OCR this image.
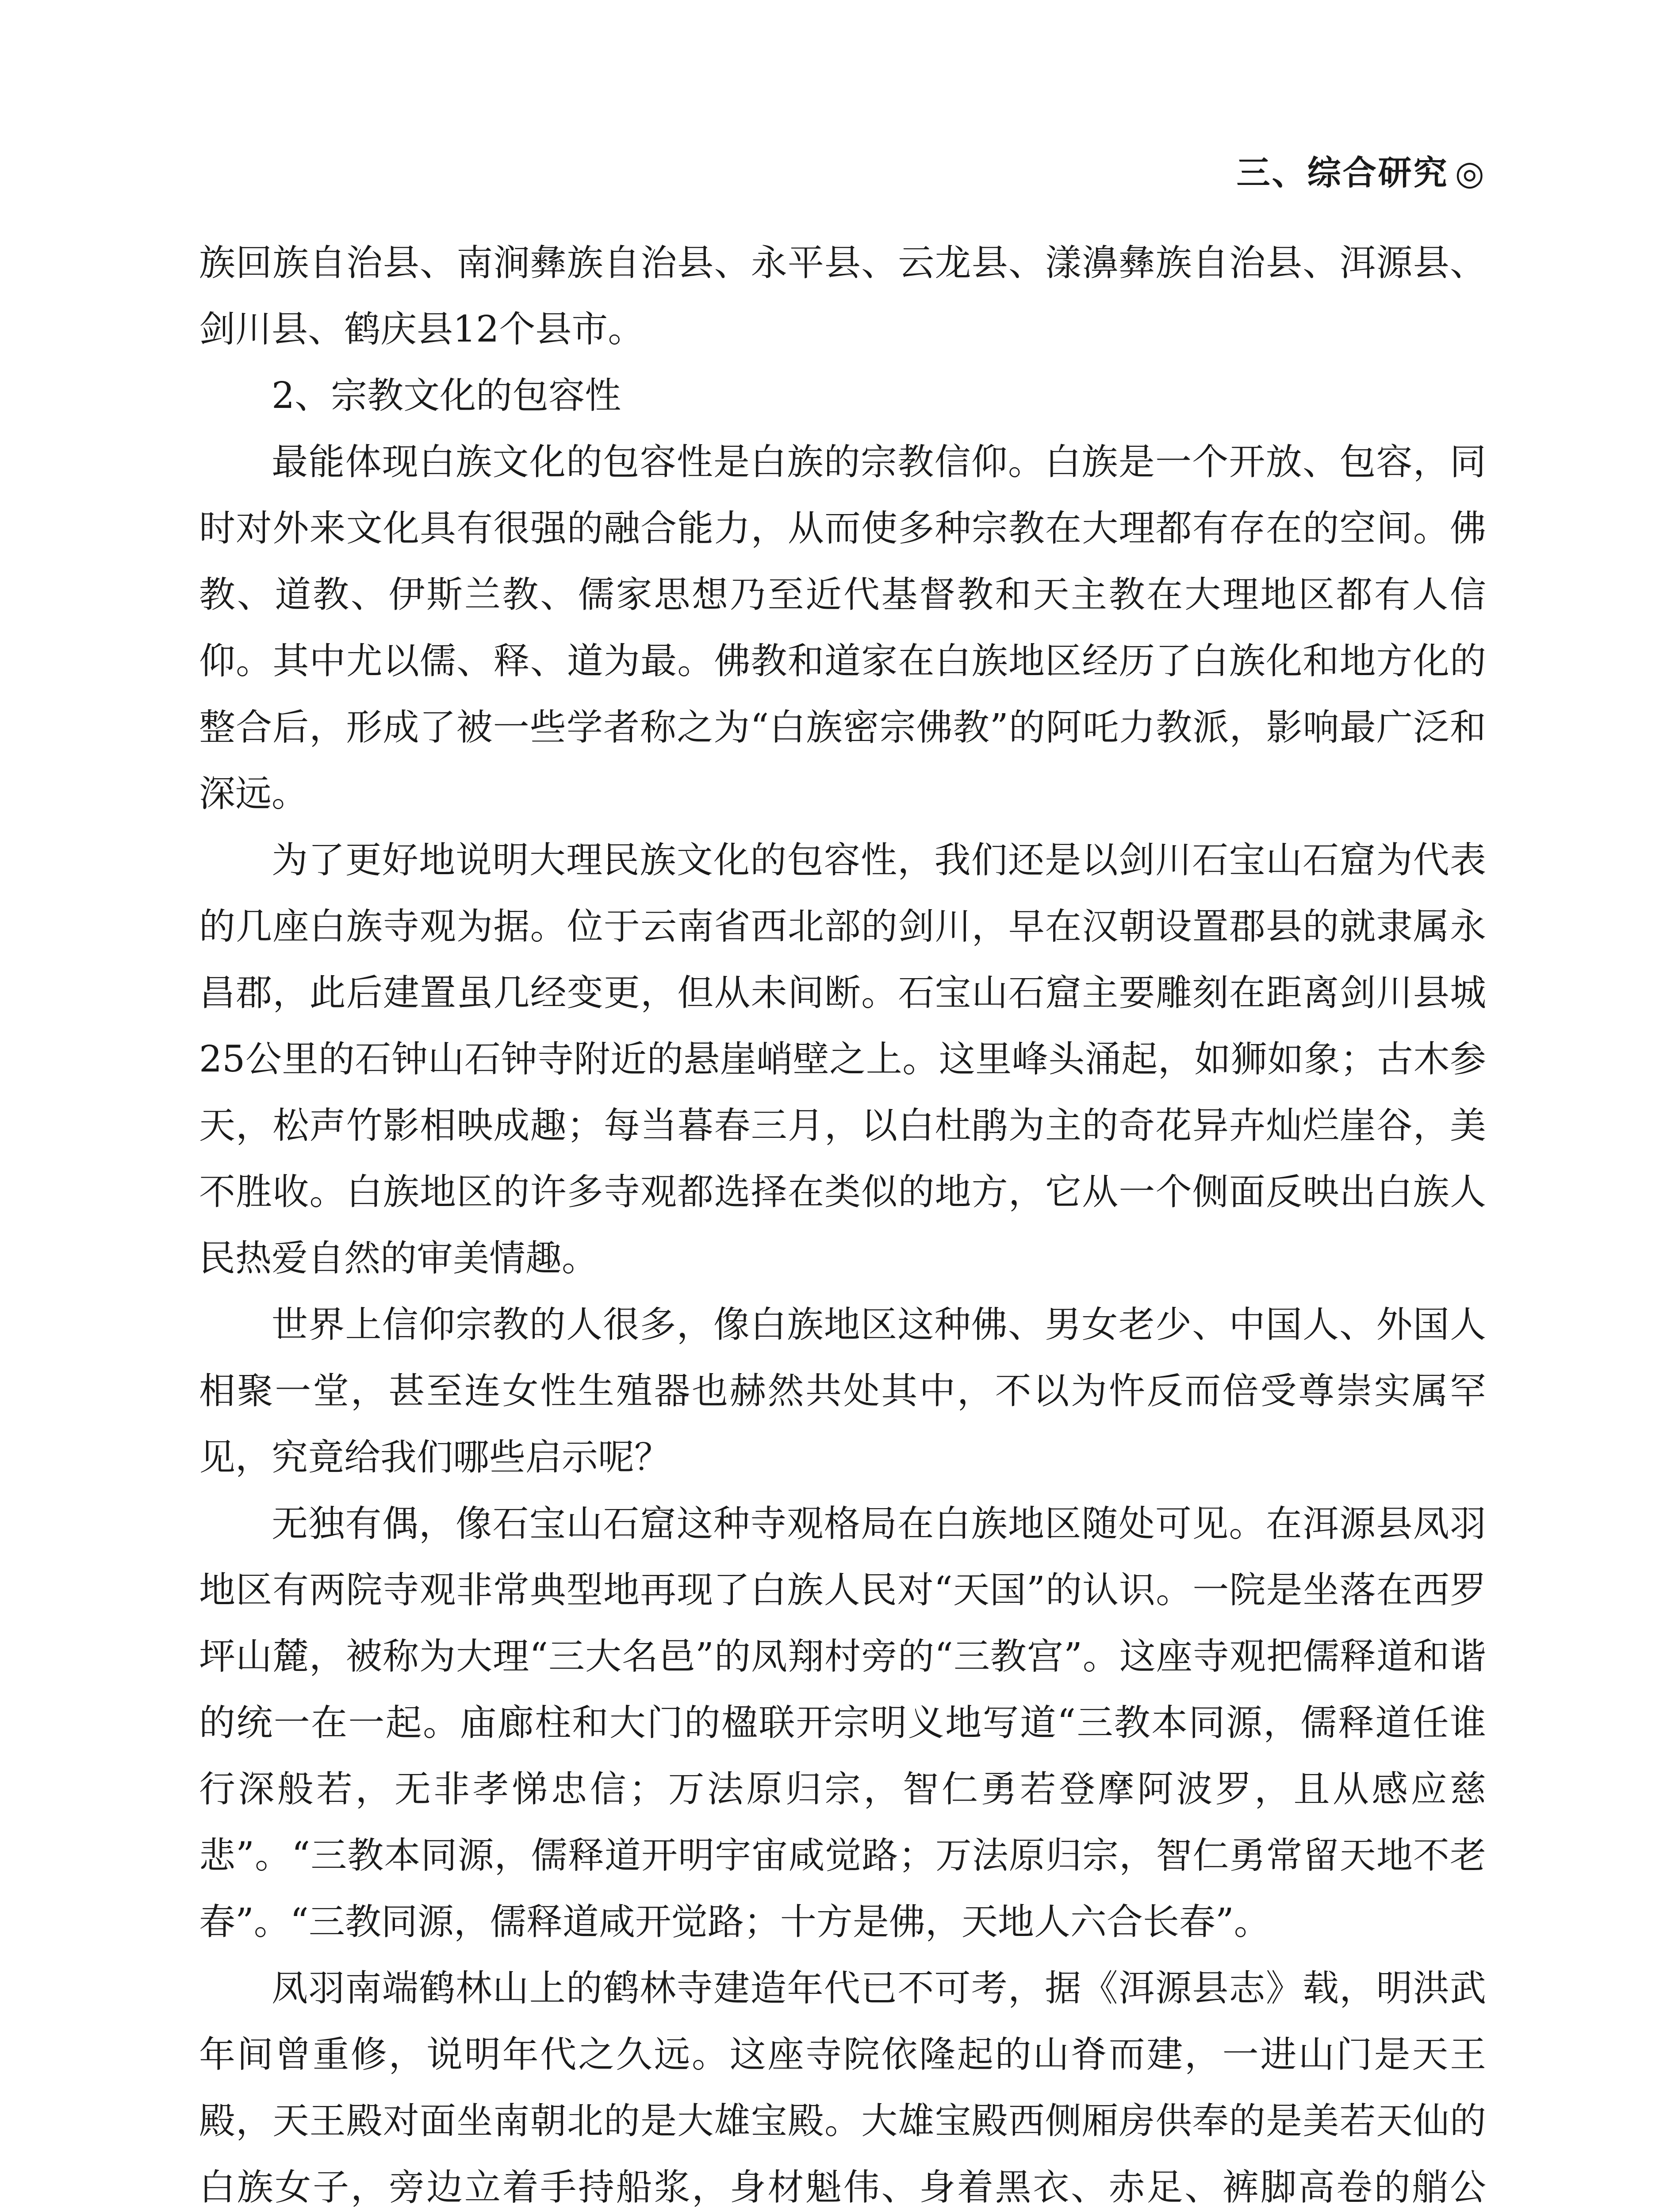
三、综合研究 ◎

族回族自治县、南涧彝族自治县、永平县、云龙县、漾濞彝族自治县、洱源县、剑川县、鹤庆县12个县市。

2、宗教文化的包容性

最能体现白族文化的包容性是白族的宗教信仰。白族是一个开放、包容，同时对外来文化具有很强的融合能力，从而使多种宗教在大理都有存在的空间。佛教、道教、伊斯兰教、儒家思想乃至近代基督教和天主教在大理地区都有人信仰。其中尤以儒、释、道为最。佛教和道家在白族地区经历了白族化和地方化的整合后，形成了被一些学者称之为“白族密宗佛教”的阿吒力教派，影响最广泛和深远。

为了更好地说明大理民族文化的包容性，我们还是以剑川石宝山石窟为代表的几座白族寺观为据。位于云南省西北部的剑川，早在汉朝设置郡县的就隶属永昌郡，此后建置虽几经变更，但从未间断。石宝山石窟主要雕刻在距离剑川县城25公里的石钟山石钟寺附近的悬崖峭壁之上。这里峰头涌起，如狮如象；古木参天，松声竹影相映成趣；每当暮春三月，以白杜鹃为主的奇花异卉灿烂崖谷，美不胜收。白族地区的许多寺观都选择在类似的地方，它从一个侧面反映出白族人民热爱自然的审美情趣。

世界上信仰宗教的人很多，像白族地区这种佛、男女老少、中国人、外国人相聚一堂，甚至连女性生殖器也赫然共处其中，不以为忤反而倍受尊崇实属罕见，究竟给我们哪些启示呢？

无独有偶，像石宝山石窟这种寺观格局在白族地区随处可见。在洱源县凤羽地区有两院寺观非常典型地再现了白族人民对“天国”的认识。一院是坐落在西罗坪山麓，被称为大理“三大名邑”的凤翔村旁的“三教宫”。这座寺观把儒释道和谐的统一在一起。庙廊柱和大门的楹联开宗明义地写道“三教本同源，儒释道任谁行深般若，无非孝悌忠信；万法原归宗，智仁勇若登摩阿波罗，且从感应慈悲”。“三教本同源，儒释道开明宇宙咸觉路；万法原归宗，智仁勇常留天地不老春”。“三教同源，儒释道咸开觉路；十方是佛，天地人六合长春”。

凤羽南端鹤林山上的鹤林寺建造年代已不可考，据《洱源县志》载，明洪武年间曾重修，说明年代之久远。这座寺院依隆起的山脊而建，一进山门是天王殿，天王殿对面坐南朝北的是大雄宝殿。大雄宝殿西侧厢房供奉的是美若天仙的白族女子，旁边立着手持船浆，身材魁伟、身着黑衣、赤足、裤脚高卷的艄公
